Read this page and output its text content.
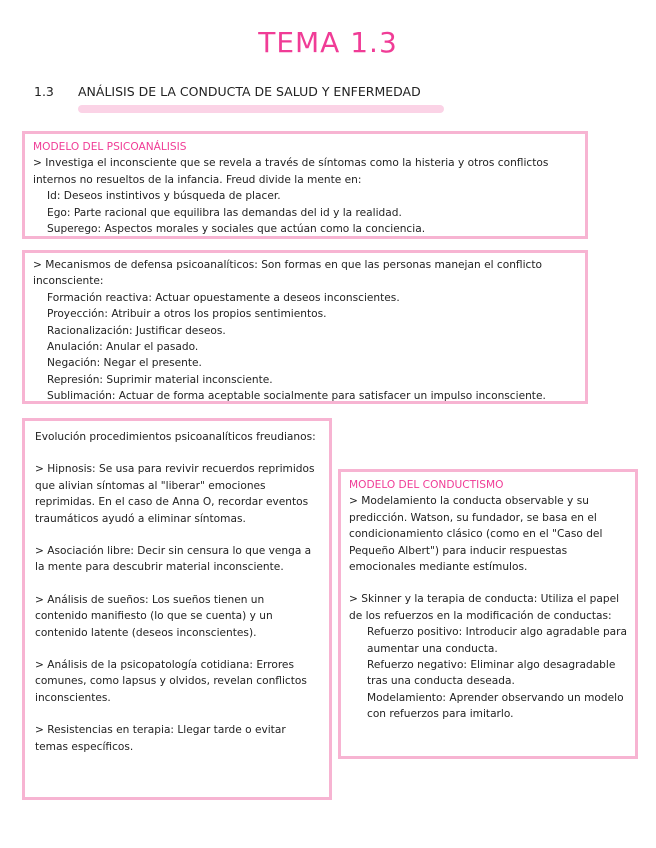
TEMA 1.3
1.3 ANÁLISIS DE LA CONDUCTA DE SALUD Y ENFERMEDAD

MODELO DEL PSICOANÁLISIS

> Investiga el inconsciente que se revela a través de síntomas como la histeria y otros conflictos internos no resueltos de la infancia. Freud divide la mente en:

Id: Deseos instintivos y búsqueda de placer.

Ego: Parte racional que equilibra las demandas del id y la realidad.

Superego: Aspectos morales y sociales que actúan como la conciencia.

> Mecanismos de defensa psicoanalíticos: Son formas en que las personas manejan el conflicto inconsciente:

Formación reactiva: Actuar opuestamente a deseos inconscientes.

Proyección: Atribuir a otros los propios sentimientos.

Racionalización: Justificar deseos.

Anulación: Anular el pasado.

Negación: Negar el presente.

Represión: Suprimir material inconsciente.

Sublimación: Actuar de forma aceptable socialmente para satisfacer un impulso inconsciente.

Evolución procedimientos psicoanalíticos freudianos:

> Hipnosis: Se usa para revivir recuerdos reprimidos que alivian síntomas al "liberar" emociones reprimidas. En el caso de Anna O, recordar eventos traumáticos ayudó a eliminar síntomas.

> Asociación libre: Decir sin censura lo que venga a la mente para descubrir material inconsciente.

> Análisis de sueños: Los sueños tienen un contenido manifiesto (lo que se cuenta) y un contenido latente (deseos inconscientes).

> Análisis de la psicopatología cotidiana: Errores comunes, como lapsus y olvidos, revelan conflictos inconscientes.

> Resistencias en terapia: Llegar tarde o evitar temas específicos.

MODELO DEL CONDUCTISMO

> Modelamiento la conducta observable y su predicción. Watson, su fundador, se basa en el condicionamiento clásico (como en el "Caso del Pequeño Albert") para inducir respuestas emocionales mediante estímulos.

> Skinner y la terapia de conducta: Utiliza el papel de los refuerzos en la modificación de conductas:

Refuerzo positivo: Introducir algo agradable para aumentar una conducta.

Refuerzo negativo: Eliminar algo desagradable tras una conducta deseada.

Modelamiento: Aprender observando un modelo con refuerzos para imitarlo.
